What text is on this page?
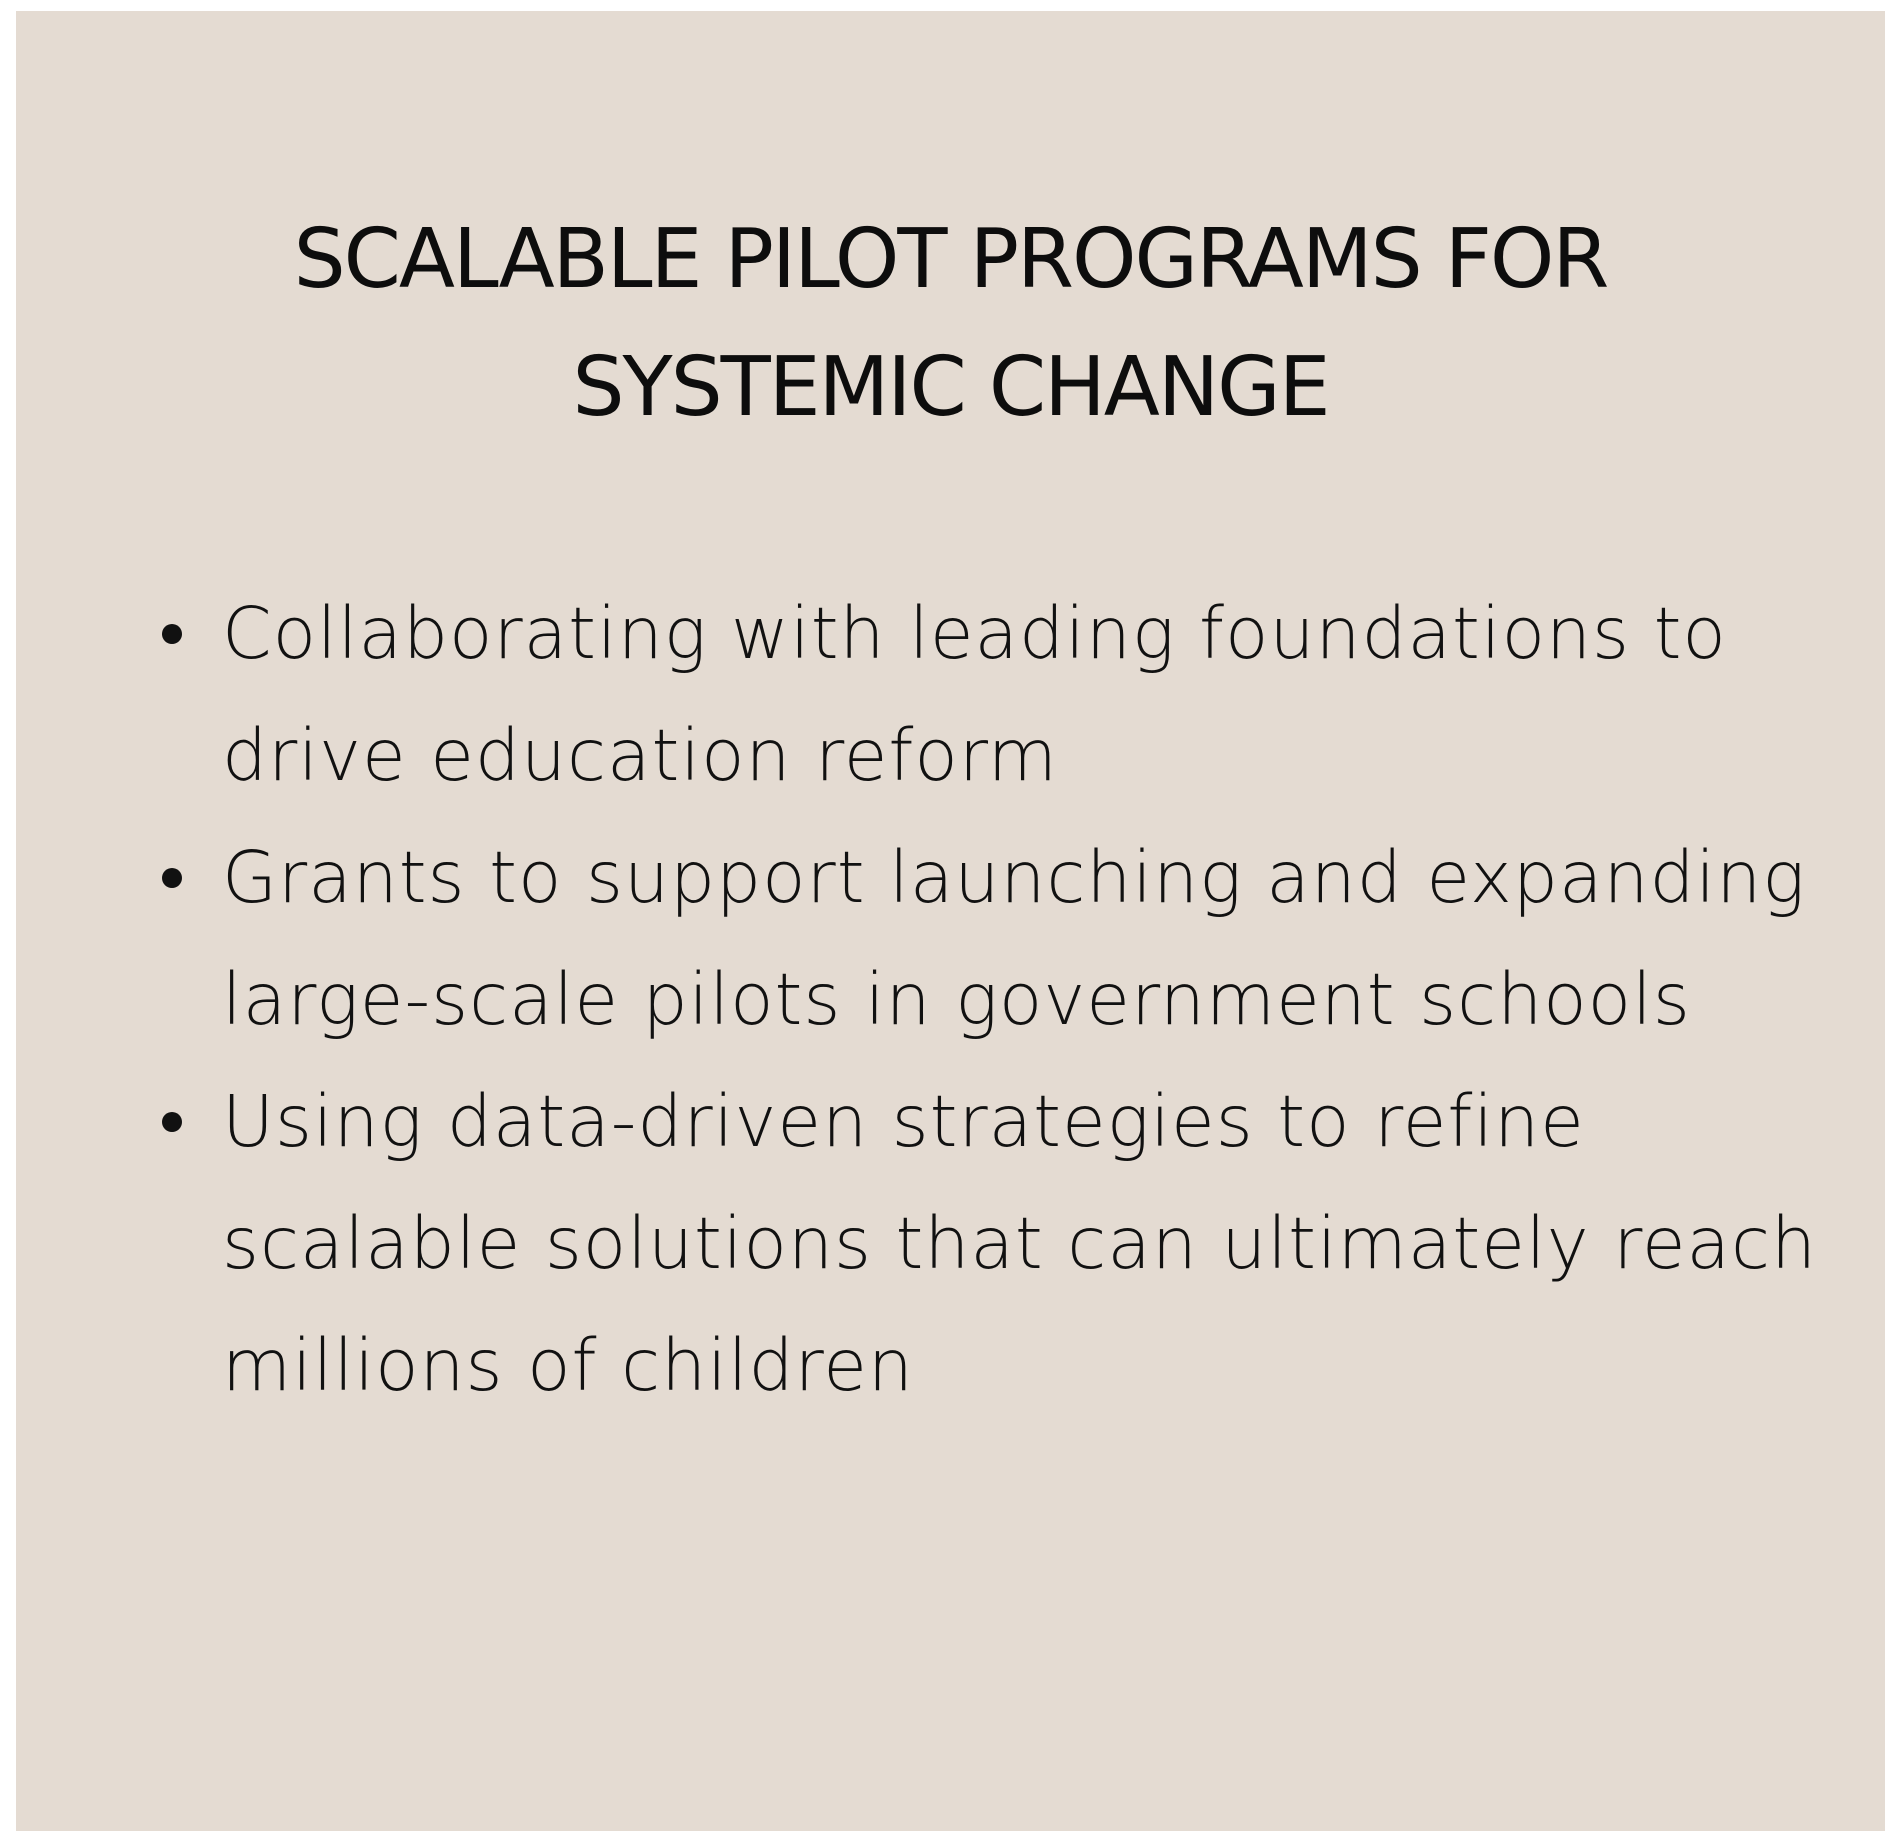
SCALABLE PILOT PROGRAMS FOR
SYSTEMIC CHANGE
Collaborating with leading foundations to drive education reform
Grants to support launching and expanding large-scale pilots in government schools
Using data-driven strategies to refine scalable solutions that can ultimately reach millions of children
